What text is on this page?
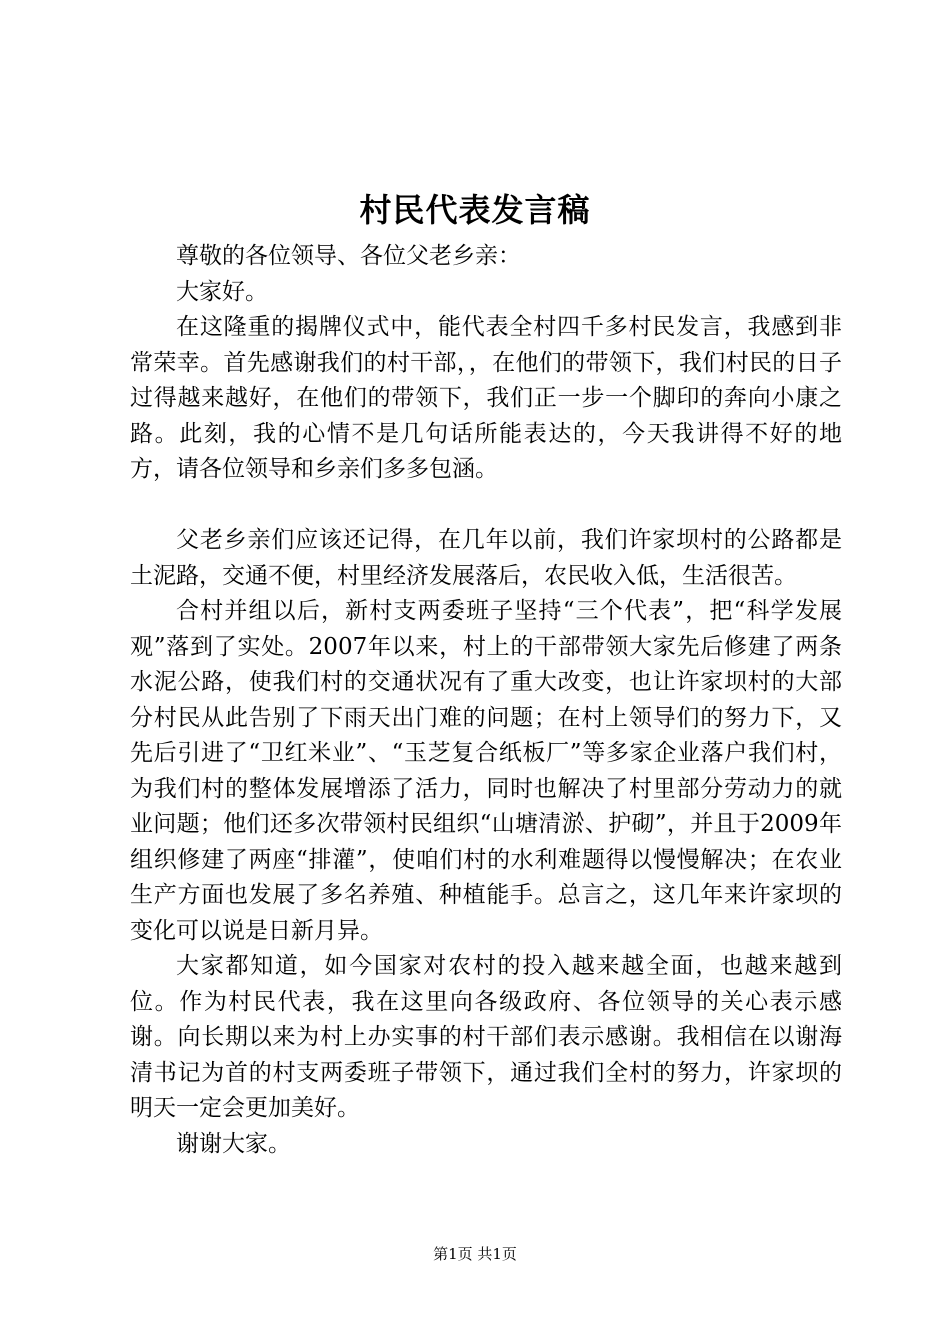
村民代表发言稿

尊敬的各位领导、各位父老乡亲：

大家好。

在这隆重的揭牌仪式中，能代表全村四千多村民发言，我感到非常荣幸。首先感谢我们的村干部，，在他们的带领下，我们村民的日子过得越来越好，在他们的带领下，我们正一步一个脚印的奔向小康之路。此刻，我的心情不是几句话所能表达的，今天我讲得不好的地方，请各位领导和乡亲们多多包涵。

父老乡亲们应该还记得，在几年以前，我们许家坝村的公路都是土泥路，交通不便，村里经济发展落后，农民收入低，生活很苦。

合村并组以后，新村支两委班子坚持“三个代表”，把“科学发展观”落到了实处。2007年以来，村上的干部带领大家先后修建了两条水泥公路，使我们村的交通状况有了重大改变，也让许家坝村的大部分村民从此告别了下雨天出门难的问题；在村上领导们的努力下，又先后引进了“卫红米业”、“玉芝复合纸板厂”等多家企业落户我们村，为我们村的整体发展增添了活力，同时也解决了村里部分劳动力的就业问题；他们还多次带领村民组织“山塘清淤、护砌”，并且于2009年组织修建了两座“排灌”，使咱们村的水利难题得以慢慢解决；在农业生产方面也发展了多名养殖、种植能手。总言之，这几年来许家坝的变化可以说是日新月异。

大家都知道，如今国家对农村的投入越来越全面，也越来越到位。作为村民代表，我在这里向各级政府、各位领导的关心表示感谢。向长期以来为村上办实事的村干部们表示感谢。我相信在以谢海清书记为首的村支两委班子带领下，通过我们全村的努力，许家坝的明天一定会更加美好。

谢谢大家。

第1页 共1页
